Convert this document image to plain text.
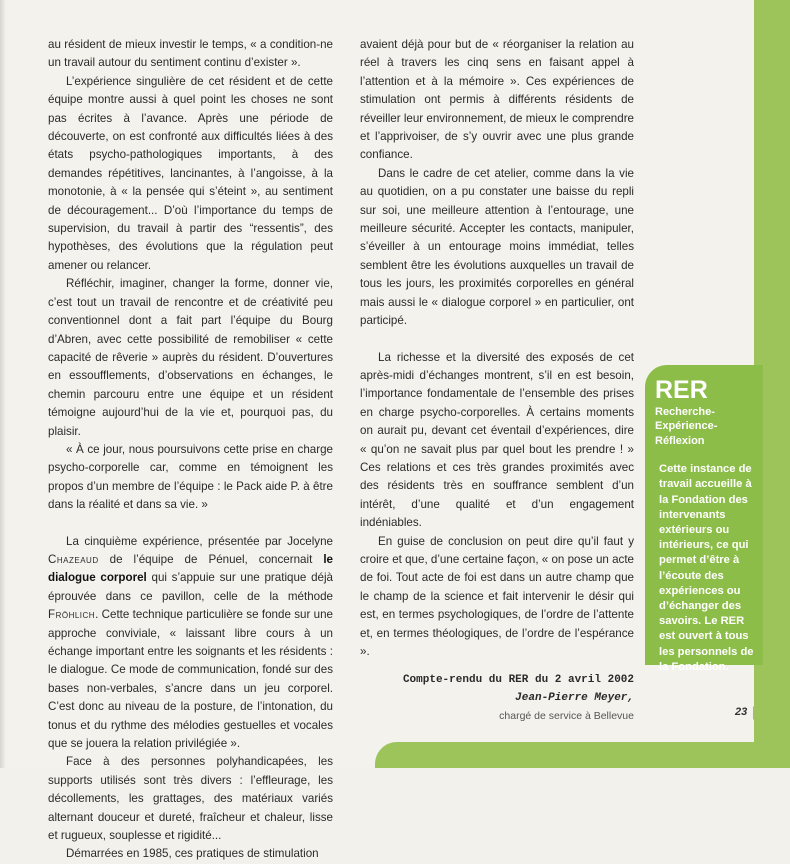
au résident de mieux investir le temps, « a condition-ne un travail autour du sentiment continu d’exister ».

L’expérience singulière de cet résident et de cette équipe montre aussi à quel point les choses ne sont pas écrites à l’avance. Après une période de découverte, on est confronté aux difficultés liées à des états psycho-pathologiques importants, à des demandes répétitives, lancinantes, à l’angoisse, à la monotonie, à « la pensée qui s’éteint », au sentiment de découragement... D’où l’importance du temps de supervision, du travail à partir des “ressentis”, des hypothèses, des évolutions que la régulation peut amener ou relancer.

Réfléchir, imaginer, changer la forme, donner vie, c’est tout un travail de rencontre et de créativité peu conventionnel dont a fait part l’équipe du Bourg d’Abren, avec cette possibilité de remobiliser « cette capacité de rêverie » auprès du résident. D’ouvertures en essoufflements, d’observations en échanges, le chemin parcouru entre une équipe et un résident témoigne aujourd’hui de la vie et, pourquoi pas, du plaisir.

« À ce jour, nous poursuivons cette prise en charge psycho-corporelle car, comme en témoignent les propos d’un membre de l’équipe : le Pack aide P. à être dans la réalité et dans sa vie. »

La cinquième expérience, présentée par Jocelyne Chazeaud de l’équipe de Pénuel, concernait le dialogue corporel qui s’appuie sur une pratique déjà éprouvée dans ce pavillon, celle de la méthode Fröhlich. Cette technique particulière se fonde sur une approche conviviale, « laissant libre cours à un échange important entre les soignants et les résidents : le dialogue. Ce mode de communication, fondé sur des bases non-verbales, s’ancre dans un jeu corporel. C’est donc au niveau de la posture, de l’intonation, du tonus et du rythme des mélodies gestuelles et vocales que se jouera la relation privilégiée ».

Face à des personnes polyhandicapées, les supports utilisés sont très divers : l’effleurage, les décollements, les grattages, des matériaux variés alternant douceur et dureté, fraîcheur et chaleur, lisse et rugueux, souplesse et rigidité...

Démarrées en 1985, ces pratiques de stimulation

avaient déjà pour but de « réorganiser la relation au réel à travers les cinq sens en faisant appel à l’attention et à la mémoire ». Ces expériences de stimulation ont permis à différents résidents de réveiller leur environnement, de mieux le comprendre et l’apprivoiser, de s’y ouvrir avec une plus grande confiance.

Dans le cadre de cet atelier, comme dans la vie au quotidien, on a pu constater une baisse du repli sur soi, une meilleure attention à l’entourage, une meilleure sécurité. Accepter les contacts, manipuler, s’éveiller à un entourage moins immédiat, telles semblent être les évolutions auxquelles un travail de tous les jours, les proximités corporelles en général mais aussi le « dialogue corporel » en particulier, ont participé.

La richesse et la diversité des exposés de cet après-midi d’échanges montrent, s’il en est besoin, l’importance fondamentale de l’ensemble des prises en charge psycho-corporelles. À certains moments on aurait pu, devant cet éventail d’expériences, dire « qu’on ne savait plus par quel bout les prendre ! » Ces relations et ces très grandes proximités avec des résidents très en souffrance semblent d’un intérêt, d’une qualité et d’un engagement indéniables.

En guise de conclusion on peut dire qu’il faut y croire et que, d’une certaine façon, « on pose un acte de foi. Tout acte de foi est dans un autre champ que le champ de la science et fait intervenir le désir qui est, en termes psychologiques, de l’ordre de l’attente et, en termes théologiques, de l’ordre de l’espérance ».

Compte-rendu du RER du 2 avril 2002
Jean-Pierre Meyer,
chargé de service à Bellevue
RER
Recherche-Expérience-Réflexion
Cette instance de travail accueille à la Fondation des intervenants extérieurs ou intérieurs, ce qui permet d’être à l’écoute des expériences ou d’échanger des savoirs. Le RER est ouvert à tous les personnels de la Fondation.
23
